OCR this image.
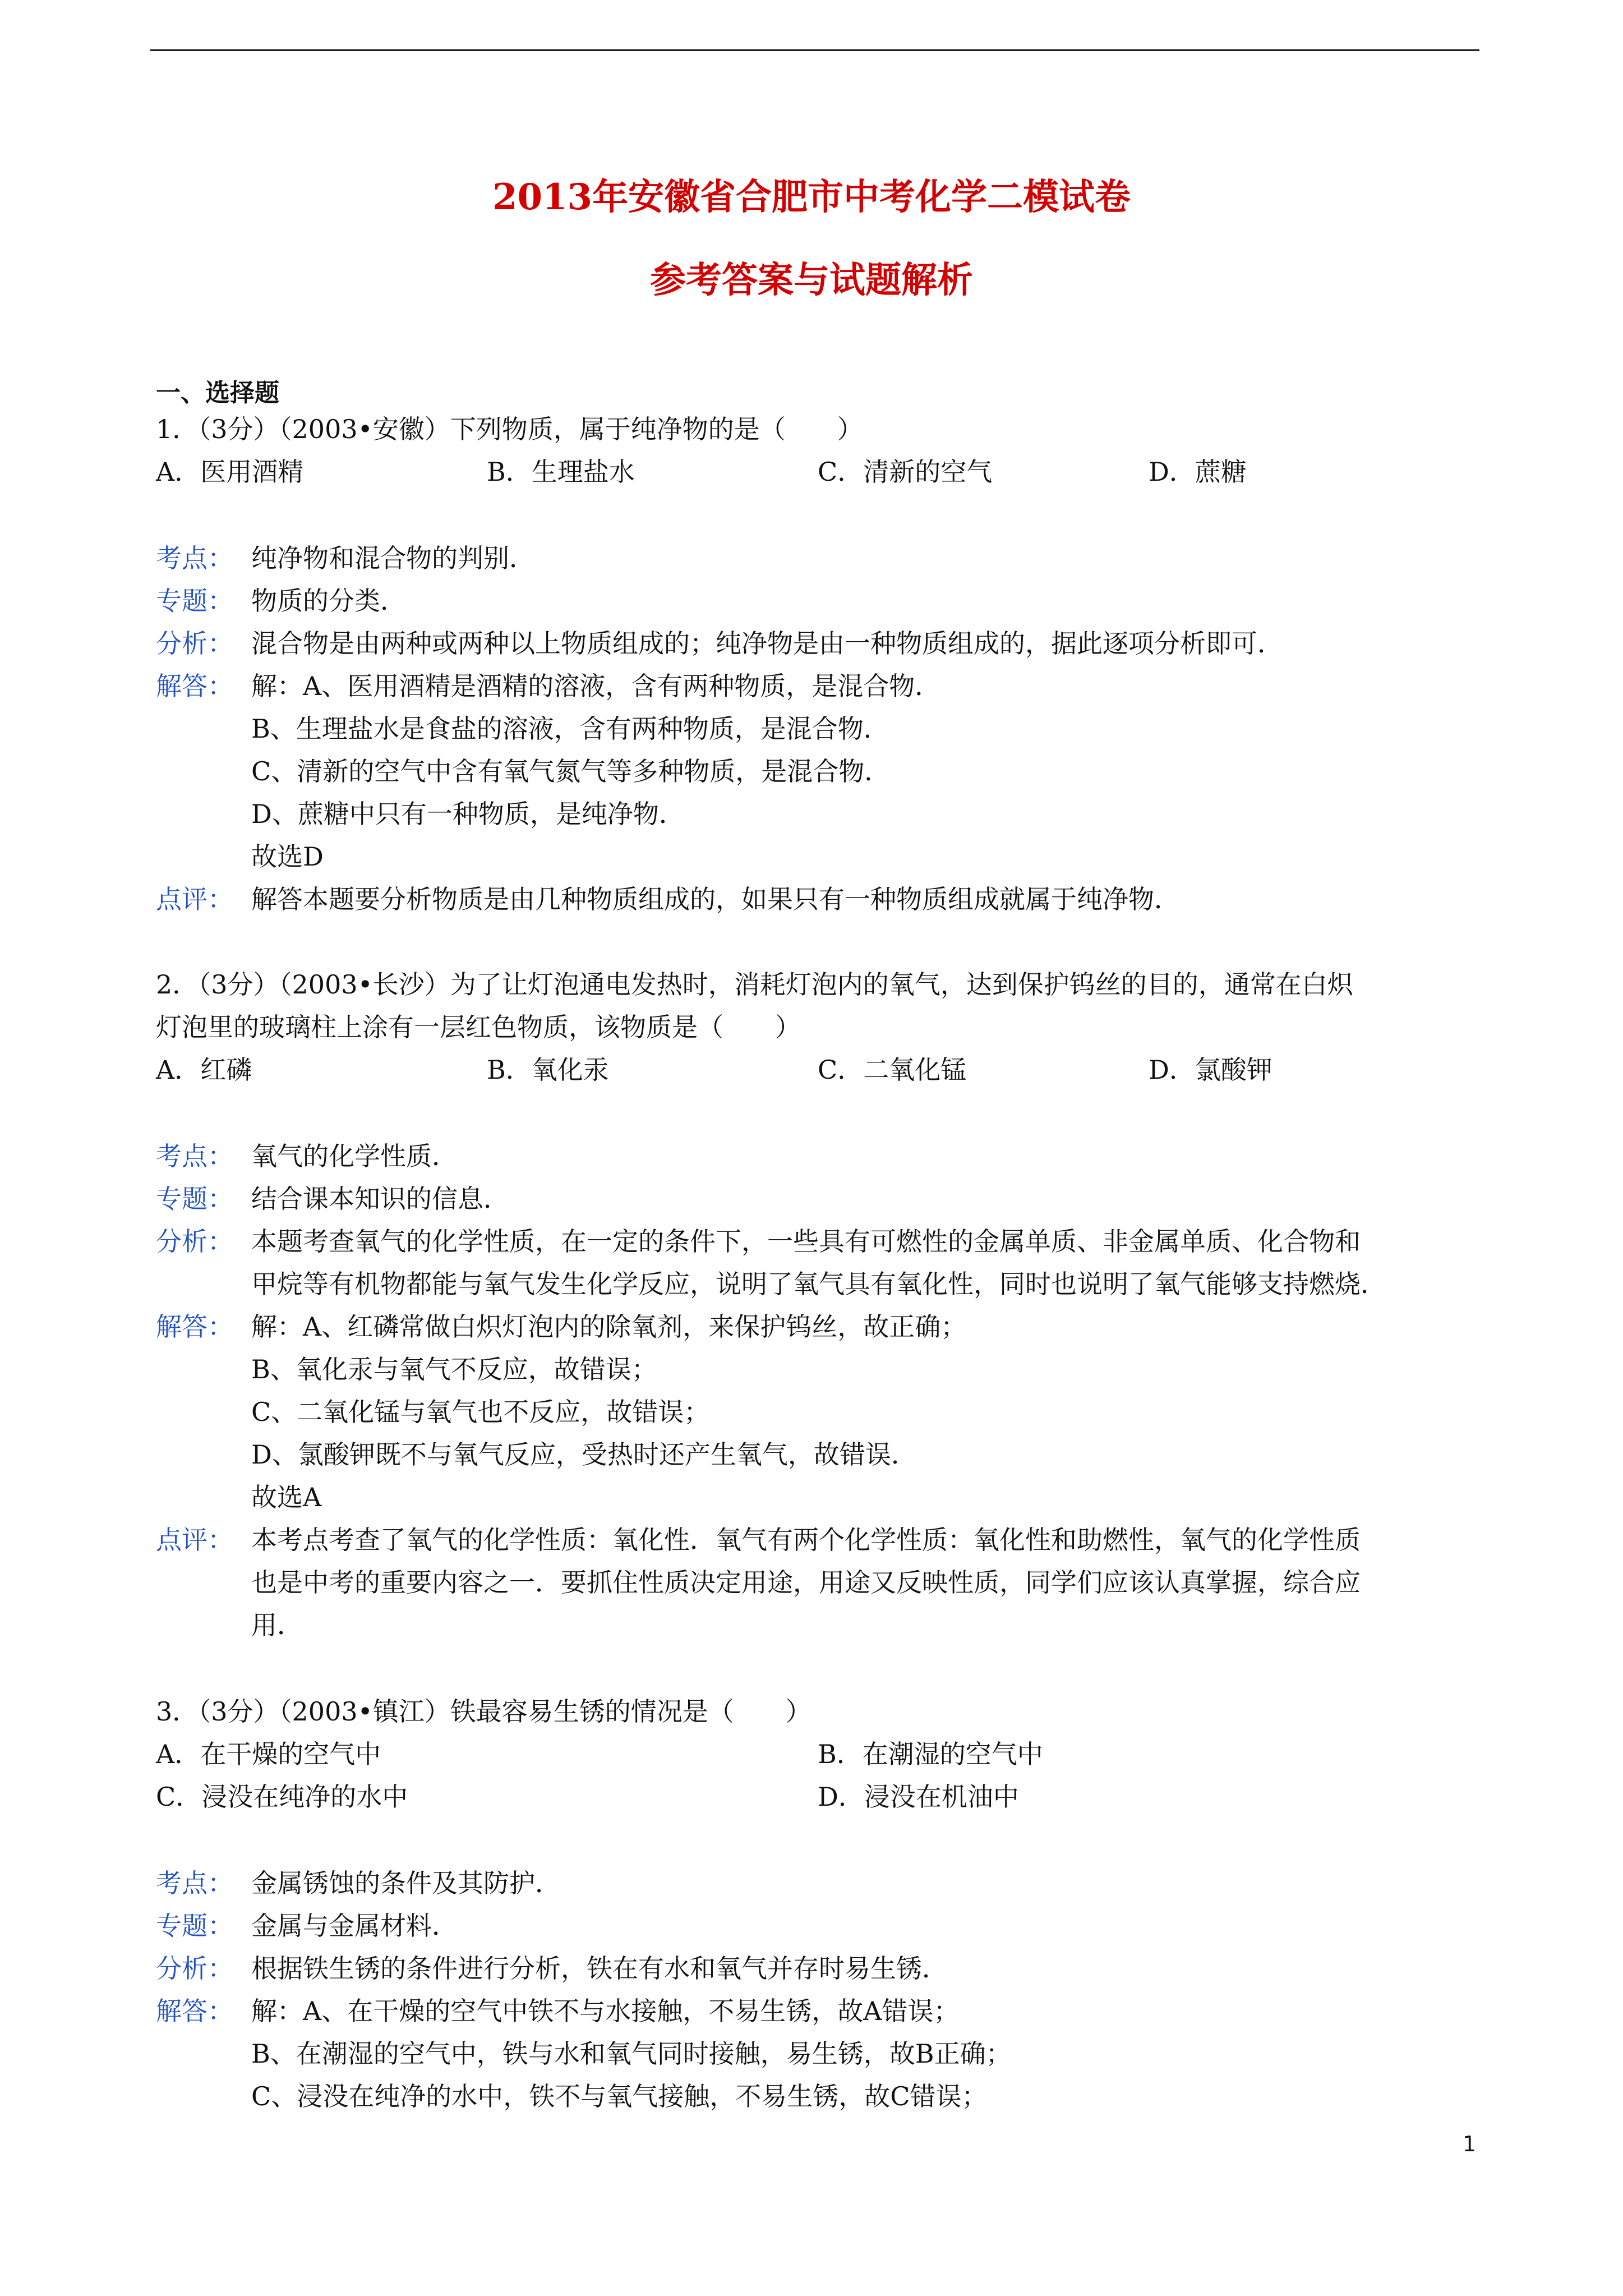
2013年安徽省合肥市中考化学二模试卷
参考答案与试题解析
一、选择题
1．（3分）（2003•安徽）下列物质，属于纯净物的是（　　）
A．医用酒精	B．生理盐水	C．清新的空气	D．蔗糖
考点： 纯净物和混合物的判别．
专题： 物质的分类．
分析： 混合物是由两种或两种以上物质组成的；纯净物是由一种物质组成的，据此逐项分析即可．
解答： 解：A、医用酒精是酒精的溶液，含有两种物质，是混合物．
B、生理盐水是食盐的溶液，含有两种物质，是混合物．
C、清新的空气中含有氧气氮气等多种物质，是混合物．
D、蔗糖中只有一种物质，是纯净物．
故选D
点评： 解答本题要分析物质是由几种物质组成的，如果只有一种物质组成就属于纯净物．
2．（3分）（2003•长沙）为了让灯泡通电发热时，消耗灯泡内的氧气，达到保护钨丝的目的，通常在白炽
灯泡里的玻璃柱上涂有一层红色物质，该物质是（　　）
A．红磷	B．氧化汞	C．二氧化锰	D．氯酸钾
考点： 氧气的化学性质．
专题： 结合课本知识的信息．
分析： 本题考查氧气的化学性质，在一定的条件下，一些具有可燃性的金属单质、非金属单质、化合物和
甲烷等有机物都能与氧气发生化学反应，说明了氧气具有氧化性，同时也说明了氧气能够支持燃烧．
解答： 解：A、红磷常做白炽灯泡内的除氧剂，来保护钨丝，故正确；
B、氧化汞与氧气不反应，故错误；
C、二氧化锰与氧气也不反应，故错误；
D、氯酸钾既不与氧气反应，受热时还产生氧气，故错误．
故选A
点评： 本考点考查了氧气的化学性质：氧化性．氧气有两个化学性质：氧化性和助燃性，氧气的化学性质
也是中考的重要内容之一．要抓住性质决定用途，用途又反映性质，同学们应该认真掌握，综合应
用．
3．（3分）（2003•镇江）铁最容易生锈的情况是（　　）
A．在干燥的空气中	B．在潮湿的空气中
C．浸没在纯净的水中	D．浸没在机油中
考点： 金属锈蚀的条件及其防护．
专题： 金属与金属材料．
分析： 根据铁生锈的条件进行分析，铁在有水和氧气并存时易生锈．
解答： 解：A、在干燥的空气中铁不与水接触，不易生锈，故A错误；
B、在潮湿的空气中，铁与水和氧气同时接触，易生锈，故B正确；
C、浸没在纯净的水中，铁不与氧气接触，不易生锈，故C错误；
1
